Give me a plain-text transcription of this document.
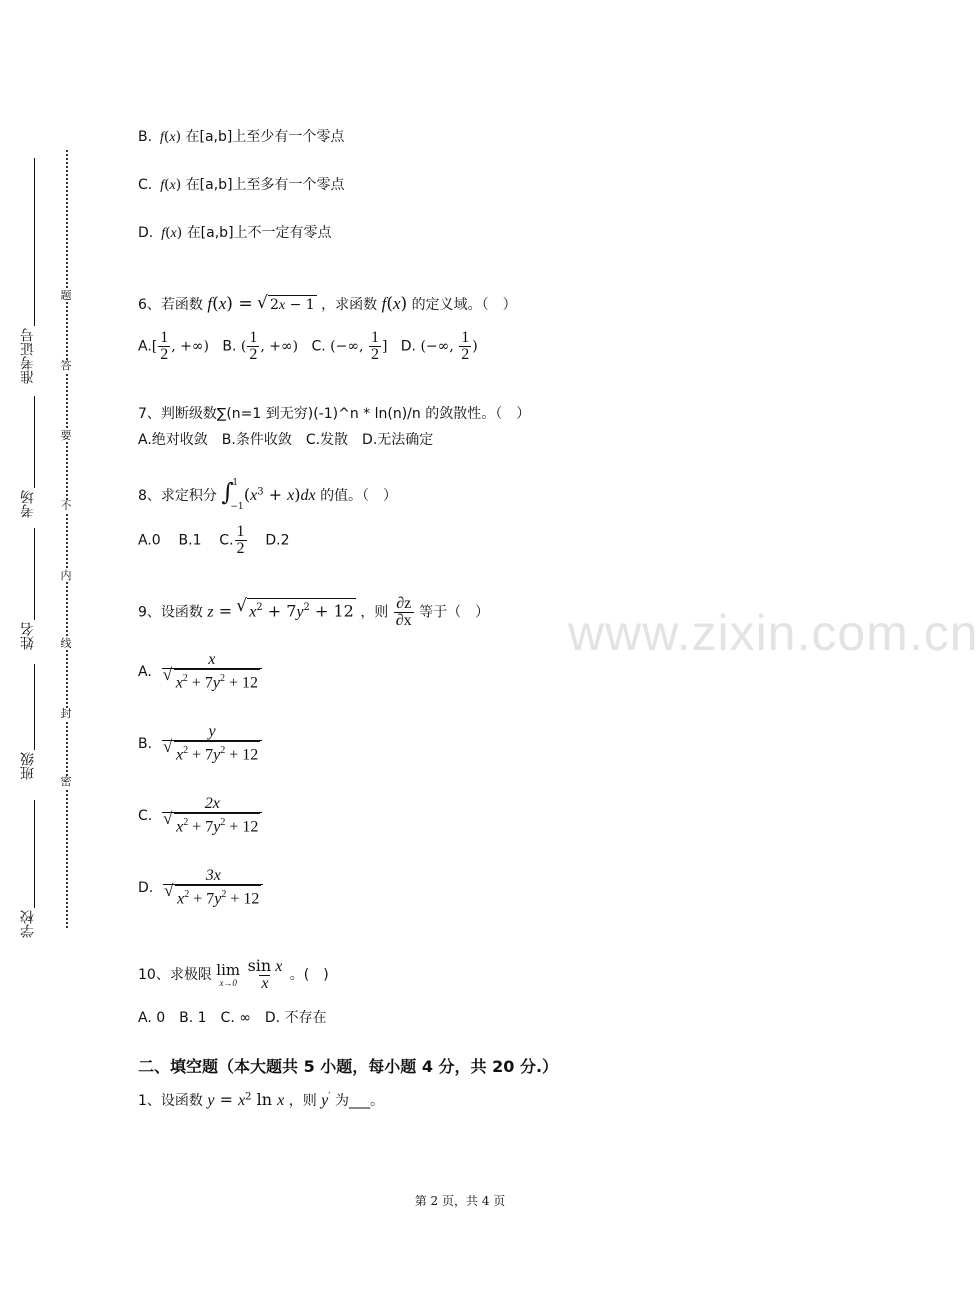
准考证号
考场
姓名
班级
学校
题
答
要
不
内
线
封
密
www.zixin.com.cn
B.  f(x) 在[a,b]上至少有一个零点
C.  f(x) 在[a,b]上至多有一个零点
D.  f(x) 在[a,b]上不一定有零点
6、若函数 f(x) = √ 2x − 1 ，求函数 f(x) 的定义域。（　）
$A.[ \frac{1}{2}$ , +∞) B. ( $\frac{1}{2}$ , +∞) C. (−∞, $\frac{1}{2}$ ] D. (−∞, $\frac{1}{2}$ )
7、判断级数∑(n=1 到无穷)(-1)^n * ln(n)/n 的敛散性。（　）
A.绝对收敛　B.条件收敛　C.发散　D.无法确定
8、求定积分 ∫
1
−1
$(x^3 + x)dx$ 的值。（　）
A.0 B.1 C. $\frac{1}{2} D.2$
9、设函数 z = √ $x^2 + 7y^2 + 12$ ，则 $\frac{\partial z}{\partial x}$ 等于（　）
A. x
√ $x^2 + 7y^2 + 12$
B. y
√ $x^2 + 7y^2 + 12$
C. 2x
√ $x^2 + 7y^2 + 12$
D. 3x
√ $x^2 + 7y^2 + 12$
10、求极限 lim
x→0
$\frac{\text{sin x}}{x}$ 。(　)
A. 0　B. 1　C. ∞　D. 不存在
二、填空题（本大题共 5 小题，每小题 4 分，共 20 分.）
1、设函数 $y = x^2$ ln x ，则 y′ 为___。
第 2 页，共 4 页
